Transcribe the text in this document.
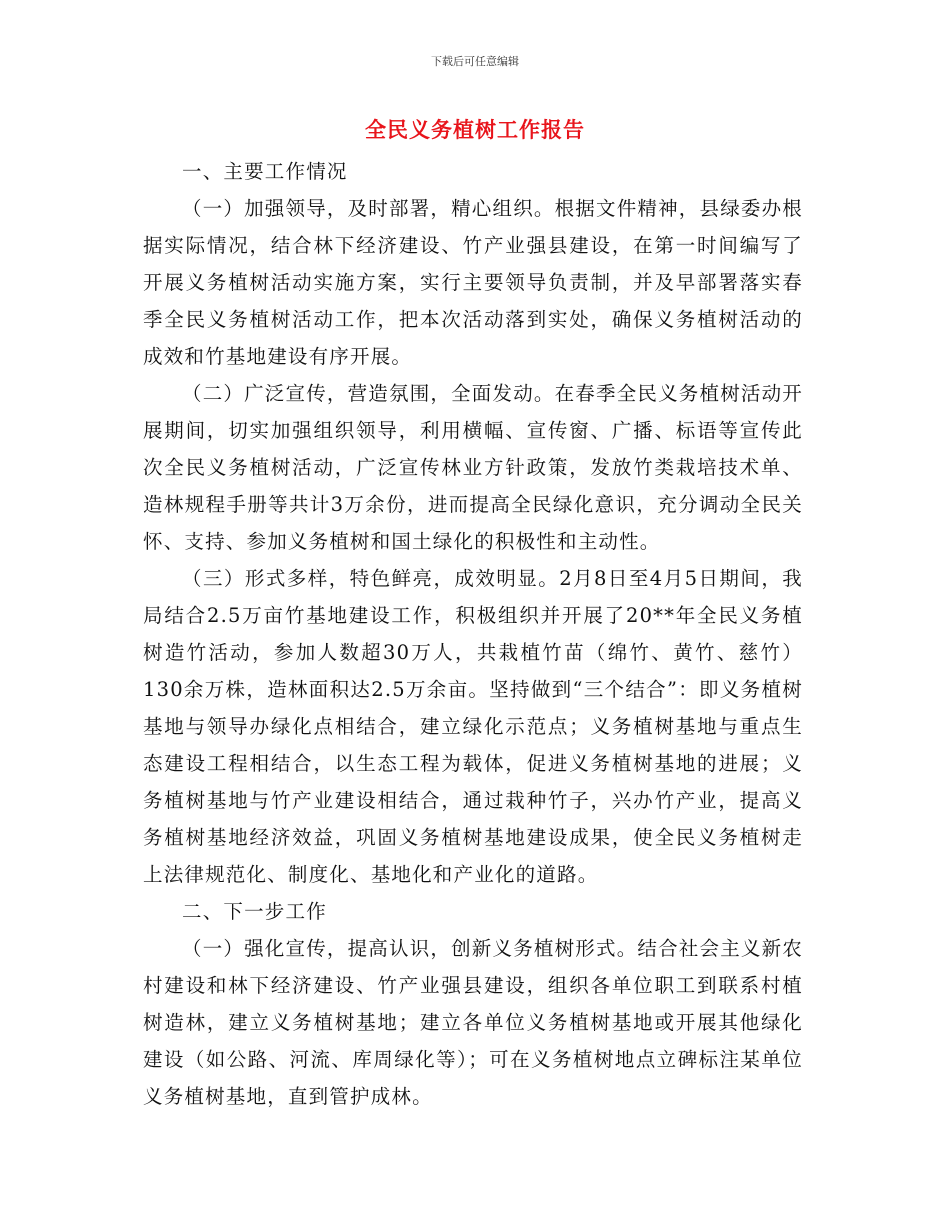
下载后可任意编辑
全民义务植树工作报告

一、主要工作情况

（一）加强领导，及时部署，精心组织。根据文件精神，县绿委办根据实际情况，结合林下经济建设、竹产业强县建设，在第一时间编写了开展义务植树活动实施方案，实行主要领导负责制，并及早部署落实春季全民义务植树活动工作，把本次活动落到实处，确保义务植树活动的成效和竹基地建设有序开展。

（二）广泛宣传，营造氛围，全面发动。在春季全民义务植树活动开展期间，切实加强组织领导，利用横幅、宣传窗、广播、标语等宣传此次全民义务植树活动，广泛宣传林业方针政策，发放竹类栽培技术单、造林规程手册等共计3万余份，进而提高全民绿化意识，充分调动全民关怀、支持、参加义务植树和国土绿化的积极性和主动性。

（三）形式多样，特色鲜亮，成效明显。2月8日至4月5日期间，我局结合2.5万亩竹基地建设工作，积极组织并开展了20**年全民义务植树造竹活动，参加人数超30万人，共栽植竹苗（绵竹、黄竹、慈竹）130余万株，造林面积达2.5万余亩。坚持做到“三个结合”：即义务植树基地与领导办绿化点相结合，建立绿化示范点；义务植树基地与重点生态建设工程相结合，以生态工程为载体，促进义务植树基地的进展；义务植树基地与竹产业建设相结合，通过栽种竹子，兴办竹产业，提高义务植树基地经济效益，巩固义务植树基地建设成果，使全民义务植树走上法律规范化、制度化、基地化和产业化的道路。

二、下一步工作

（一）强化宣传，提高认识，创新义务植树形式。结合社会主义新农村建设和林下经济建设、竹产业强县建设，组织各单位职工到联系村植树造林，建立义务植树基地；建立各单位义务植树基地或开展其他绿化建设（如公路、河流、库周绿化等）；可在义务植树地点立碑标注某单位义务植树基地，直到管护成林。
